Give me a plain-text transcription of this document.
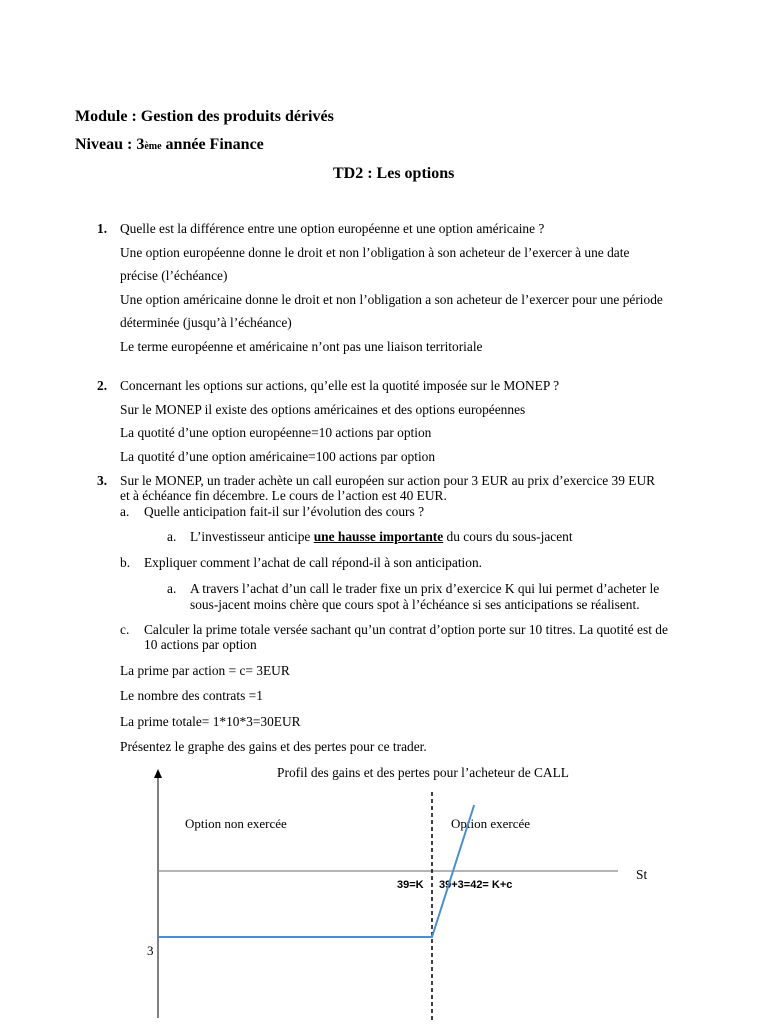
Module : Gestion des produits dérivés
Niveau : 3ème année Finance
TD2 : Les options
1. Quelle est la différence entre une option européenne et une option américaine ?
Une option européenne donne le droit et non l’obligation à son acheteur de l’exercer à une date
précise (l’échéance)
Une option américaine donne le droit et non l’obligation a son acheteur de l’exercer pour une période
déterminée (jusqu’à l’échéance)
Le terme européenne et américaine n’ont pas une liaison territoriale
2. Concernant les options sur actions, qu’elle est la quotité imposée sur le MONEP ?
Sur le MONEP il existe des options américaines et des options européennes
La quotité d’une option européenne=10 actions par option
La quotité d’une option américaine=100 actions par option
3. Sur le MONEP, un trader achète un call européen sur action pour 3 EUR au prix d’exercice 39 EUR
et à échéance fin décembre. Le cours de l’action est 40 EUR.
a. Quelle anticipation fait-il sur l’évolution des cours ?
a. L’investisseur anticipe une hausse importante du cours du sous-jacent
b. Expliquer comment l’achat de call répond-il à son anticipation.
a. A travers l’achat d’un call le trader fixe un prix d’exercice K qui lui permet d’acheter le
sous-jacent moins chère que cours spot à l’échéance si ses anticipations se réalisent.
c. Calculer la prime totale versée sachant qu’un contrat d’option porte sur 10 titres. La quotité est de
10 actions par option
La prime par action = c= 3EUR
Le nombre des contrats =1
La prime totale= 1*10*3=30EUR
Présentez le graphe des gains et des pertes pour ce trader.
Profil des gains et des pertes pour l’acheteur de CALL
St
Option non exercée	Option exercée
39=K 39+3=42= K+c
3
